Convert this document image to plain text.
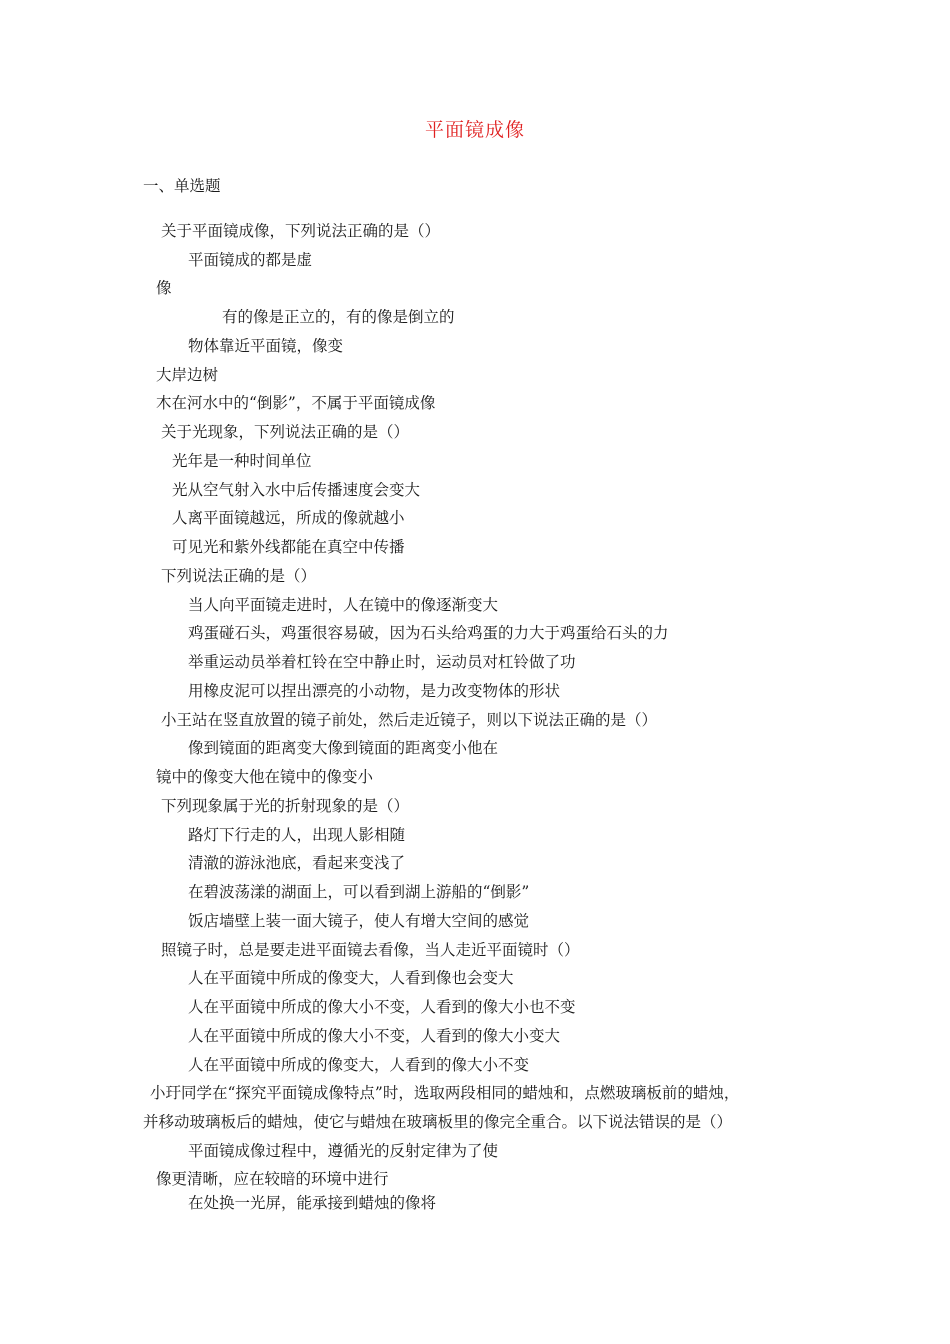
平面镜成像
一、单选题
关于平面镜成像，下列说法正确的是（）
平面镜成的都是虚
像
有的像是正立的，有的像是倒立的
物体靠近平面镜，像变
大岸边树
木在河水中的“倒影”，不属于平面镜成像
关于光现象，下列说法正确的是（）
光年是一种时间单位
光从空气射入水中后传播速度会变大
人离平面镜越远，所成的像就越小
可见光和紫外线都能在真空中传播
下列说法正确的是（）
当人向平面镜走进时，人在镜中的像逐渐变大
鸡蛋碰石头，鸡蛋很容易破，因为石头给鸡蛋的力大于鸡蛋给石头的力
举重运动员举着杠铃在空中静止时，运动员对杠铃做了功
用橡皮泥可以捏出漂亮的小动物，是力改变物体的形状
小王站在竖直放置的镜子前处，然后走近镜子，则以下说法正确的是（）
像到镜面的距离变大像到镜面的距离变小他在
镜中的像变大他在镜中的像变小
下列现象属于光的折射现象的是（）
路灯下行走的人，出现人影相随
清澈的游泳池底，看起来变浅了
在碧波荡漾的湖面上，可以看到湖上游船的“倒影”
饭店墙壁上装一面大镜子，使人有增大空间的感觉
照镜子时，总是要走进平面镜去看像，当人走近平面镜时（）
人在平面镜中所成的像变大，人看到像也会变大
人在平面镜中所成的像大小不变，人看到的像大小也不变
人在平面镜中所成的像大小不变，人看到的像大小变大
人在平面镜中所成的像变大，人看到的像大小不变
小玗同学在“探究平面镜成像特点”时，选取两段相同的蜡烛和，点燃玻璃板前的蜡烛，
并移动玻璃板后的蜡烛，使它与蜡烛在玻璃板里的像完全重合。以下说法错误的是（）
平面镜成像过程中，遵循光的反射定律为了使
像更清晰，应在较暗的环境中进行
在处换一光屏，能承接到蜡烛的像将
